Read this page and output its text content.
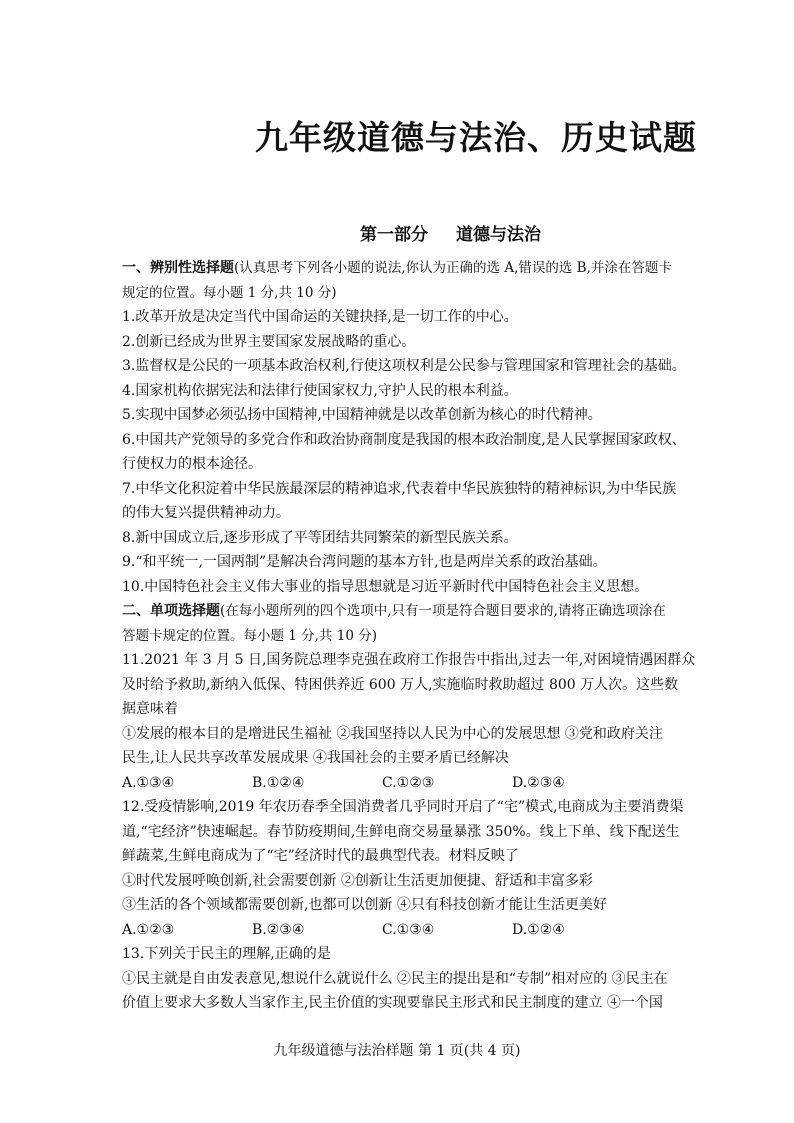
九年级道德与法治、历史试题
第一部分 道德与法治
一、辨别性选择题(认真思考下列各小题的说法,你认为正确的选 A,错误的选 B,并涂在答题卡
规定的位置。每小题 1 分,共 10 分)
1.改革开放是决定当代中国命运的关键抉择,是一切工作的中心。
2.创新已经成为世界主要国家发展战略的重心。
3.监督权是公民的一项基本政治权利,行使这项权利是公民参与管理国家和管理社会的基础。
4.国家机构依据宪法和法律行使国家权力,守护人民的根本利益。
5.实现中国梦必须弘扬中国精神,中国精神就是以改革创新为核心的时代精神。
6.中国共产党领导的多党合作和政治协商制度是我国的根本政治制度,是人民掌握国家政权、
行使权力的根本途径。
7.中华文化积淀着中华民族最深层的精神追求,代表着中华民族独特的精神标识,为中华民族
的伟大复兴提供精神动力。
8.新中国成立后,逐步形成了平等团结共同繁荣的新型民族关系。
9.“和平统一,一国两制”是解决台湾问题的基本方针,也是两岸关系的政治基础。
10.中国特色社会主义伟大事业的指导思想就是习近平新时代中国特色社会主义思想。
二、单项选择题(在每小题所列的四个选项中,只有一项是符合题目要求的,请将正确选项涂在
答题卡规定的位置。每小题 1 分,共 10 分)
11.2021 年 3 月 5 日,国务院总理李克强在政府工作报告中指出,过去一年,对困境情遇困群众
及时给予救助,新纳入低保、特困供养近 600 万人,实施临时救助超过 800 万人次。这些数
据意味着
①发展的根本目的是增进民生福祉 ②我国坚持以人民为中心的发展思想 ③党和政府关注
民生,让人民共享改革发展成果 ④我国社会的主要矛盾已经解决
A.①③④	B.①②④	C.①②③	D.②③④
12.受疫情影响,2019 年农历春季全国消费者几乎同时开启了“宅”模式,电商成为主要消费渠
道,“宅经济”快速崛起。春节防疫期间,生鲜电商交易量暴涨 350%。线上下单、线下配送生
鲜蔬菜,生鲜电商成为了“宅”经济时代的最典型代表。材料反映了
①时代发展呼唤创新,社会需要创新 ②创新让生活更加便捷、舒适和丰富多彩
③生活的各个领域都需要创新,也都可以创新 ④只有科技创新才能让生活更美好
A.①②③	B.②③④	C.①③④	D.①②④
13.下列关于民主的理解,正确的是
①民主就是自由发表意见,想说什么就说什么 ②民主的提出是和“专制”相对应的 ③民主在
价值上要求大多数人当家作主,民主价值的实现要靠民主形式和民主制度的建立 ④一个国
九年级道德与法治样题 第 1 页(共 4 页)
